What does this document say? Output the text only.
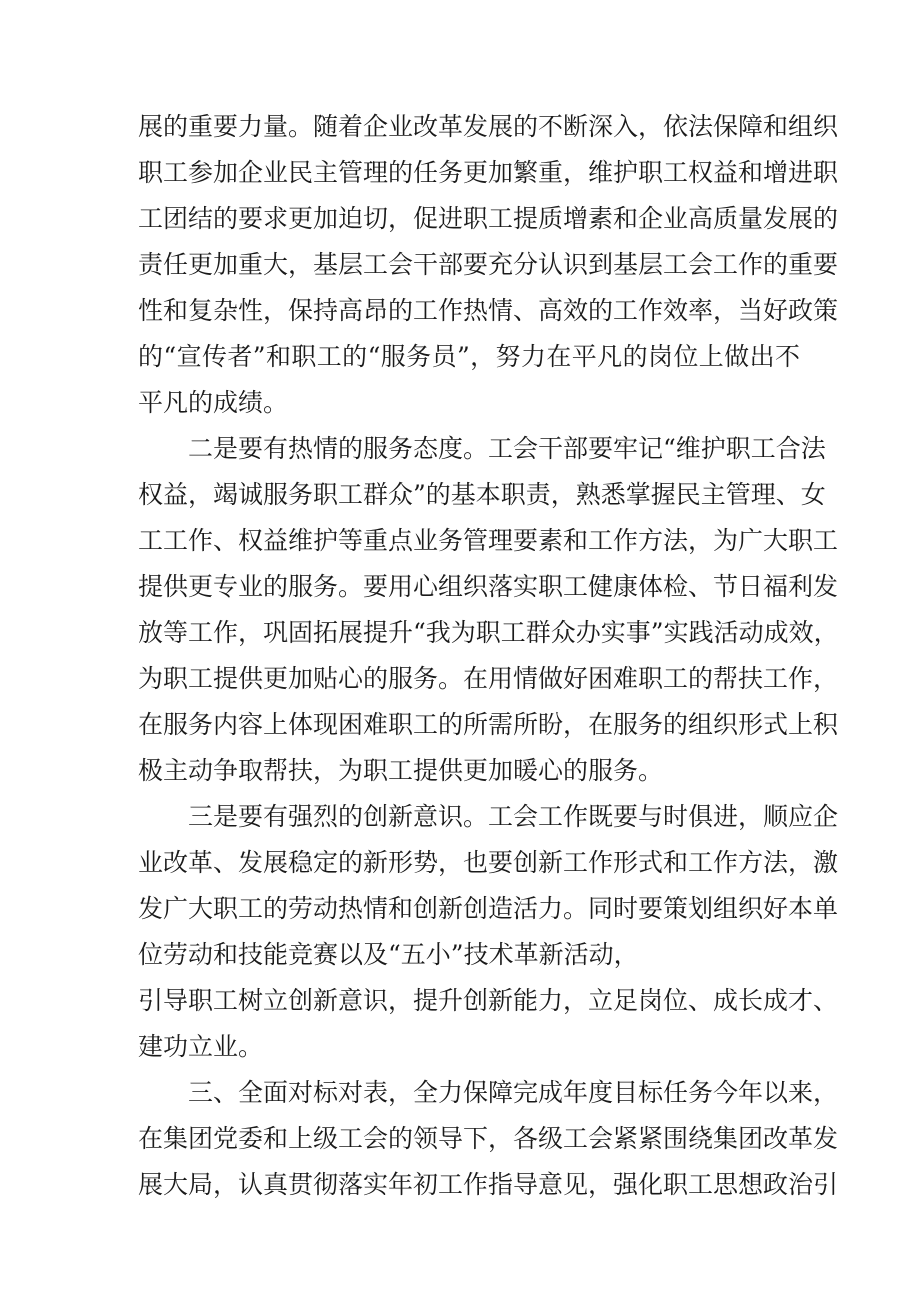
展的重要力量。随着企业改革发展的不断深入，依法保障和组织
职工参加企业民主管理的任务更加繁重，维护职工权益和增进职
工团结的要求更加迫切，促进职工提质增素和企业高质量发展的
责任更加重大，基层工会干部要充分认识到基层工会工作的重要
性和复杂性，保持高昂的工作热情、高效的工作效率，当好政策
的“宣传者”和职工的“服务员”，努力在平凡的岗位上做出不
平凡的成绩。
二是要有热情的服务态度。工会干部要牢记“维护职工合法
权益，竭诚服务职工群众”的基本职责，熟悉掌握民主管理、女
工工作、权益维护等重点业务管理要素和工作方法，为广大职工
提供更专业的服务。要用心组织落实职工健康体检、节日福利发
放等工作，巩固拓展提升“我为职工群众办实事”实践活动成效，
为职工提供更加贴心的服务。在用情做好困难职工的帮扶工作，
在服务内容上体现困难职工的所需所盼，在服务的组织形式上积
极主动争取帮扶，为职工提供更加暖心的服务。
三是要有强烈的创新意识。工会工作既要与时俱进，顺应企
业改革、发展稳定的新形势，也要创新工作形式和工作方法，激
发广大职工的劳动热情和创新创造活力。同时要策划组织好本单
位劳动和技能竞赛以及“五小”技术革新活动，
引导职工树立创新意识，提升创新能力，立足岗位、成长成才、
建功立业。
三、全面对标对表，全力保障完成年度目标任务今年以来，
在集团党委和上级工会的领导下，各级工会紧紧围绕集团改革发
展大局，认真贯彻落实年初工作指导意见，强化职工思想政治引
